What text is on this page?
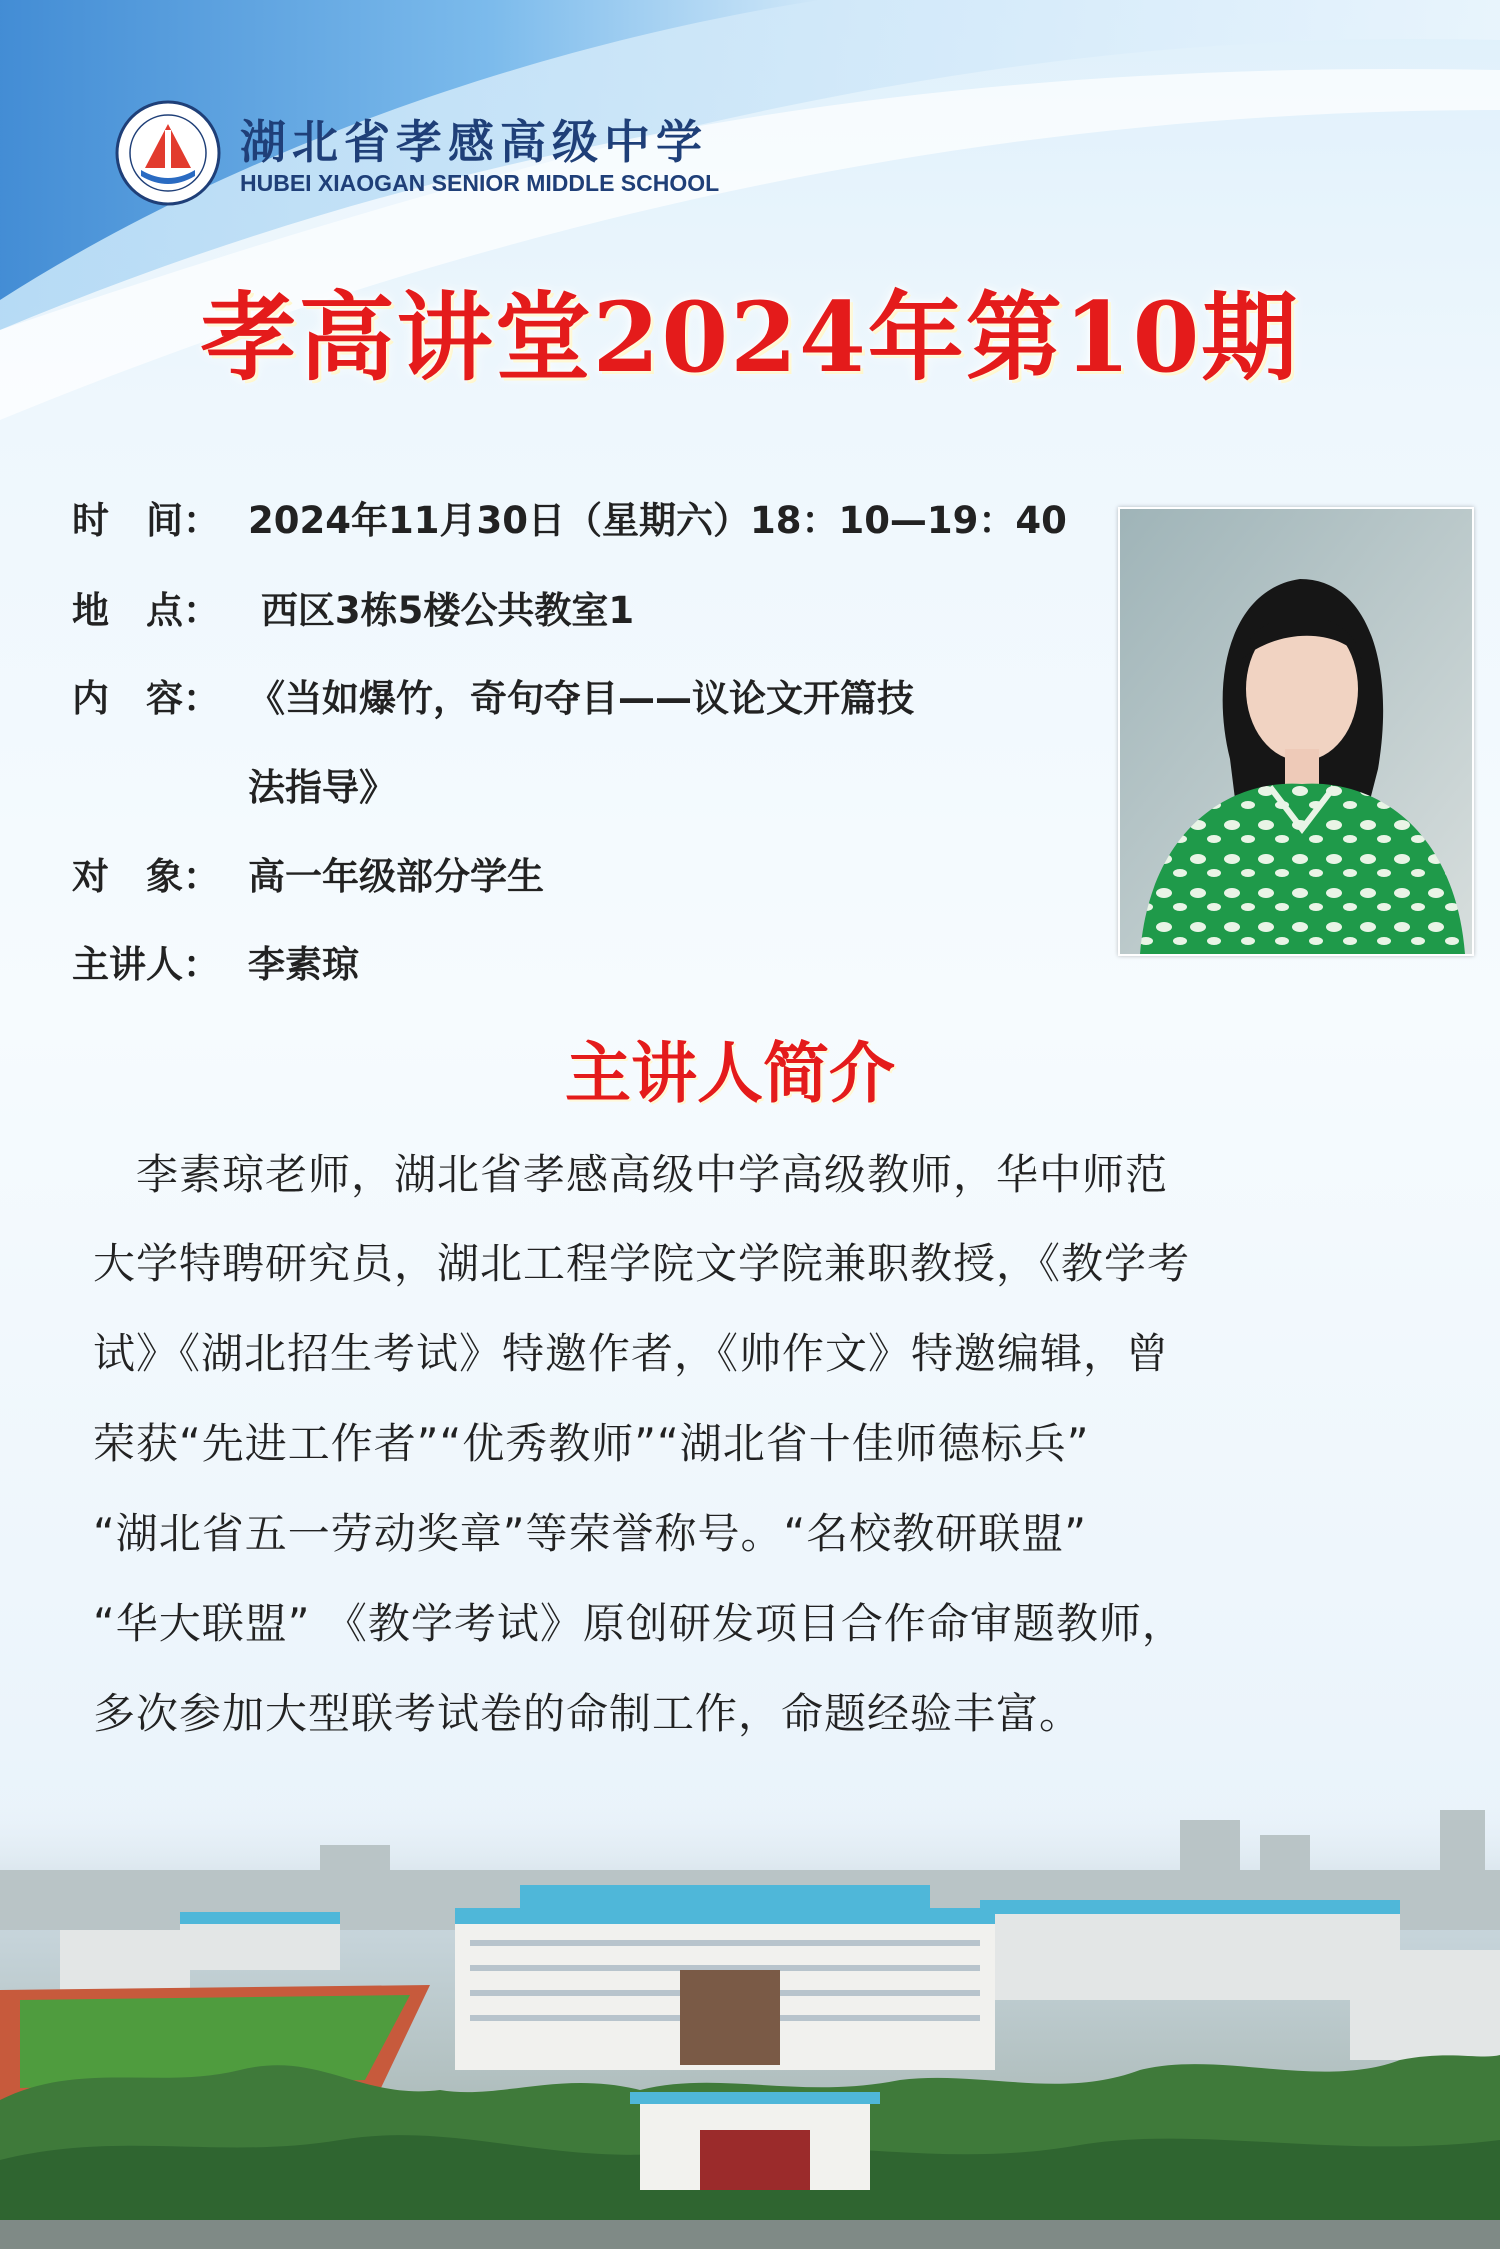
湖北省孝感高级中学
HUBEI XIAOGAN SENIOR MIDDLE SCHOOL
孝高讲堂2024年第10期
时　间： 2024年11月30日（星期六）18：10—19：40
地　点： 西区3栋5楼公共教室1
内　容： 《当如爆竹，奇句夺目——议论文开篇技
法指导》
对　象： 高一年级部分学生
主讲人： 李素琼
主讲人简介
　李素琼老师，湖北省孝感高级中学高级教师，华中师范
大学特聘研究员，湖北工程学院文学院兼职教授，《教学考
试》《湖北招生考试》特邀作者，《帅作文》特邀编辑，曾
荣获“先进工作者”“优秀教师”“湖北省十佳师德标兵”
“湖北省五一劳动奖章”等荣誉称号。“名校教研联盟”
“华大联盟” 《教学考试》原创研发项目合作命审题教师，
多次参加大型联考试卷的命制工作，命题经验丰富。
